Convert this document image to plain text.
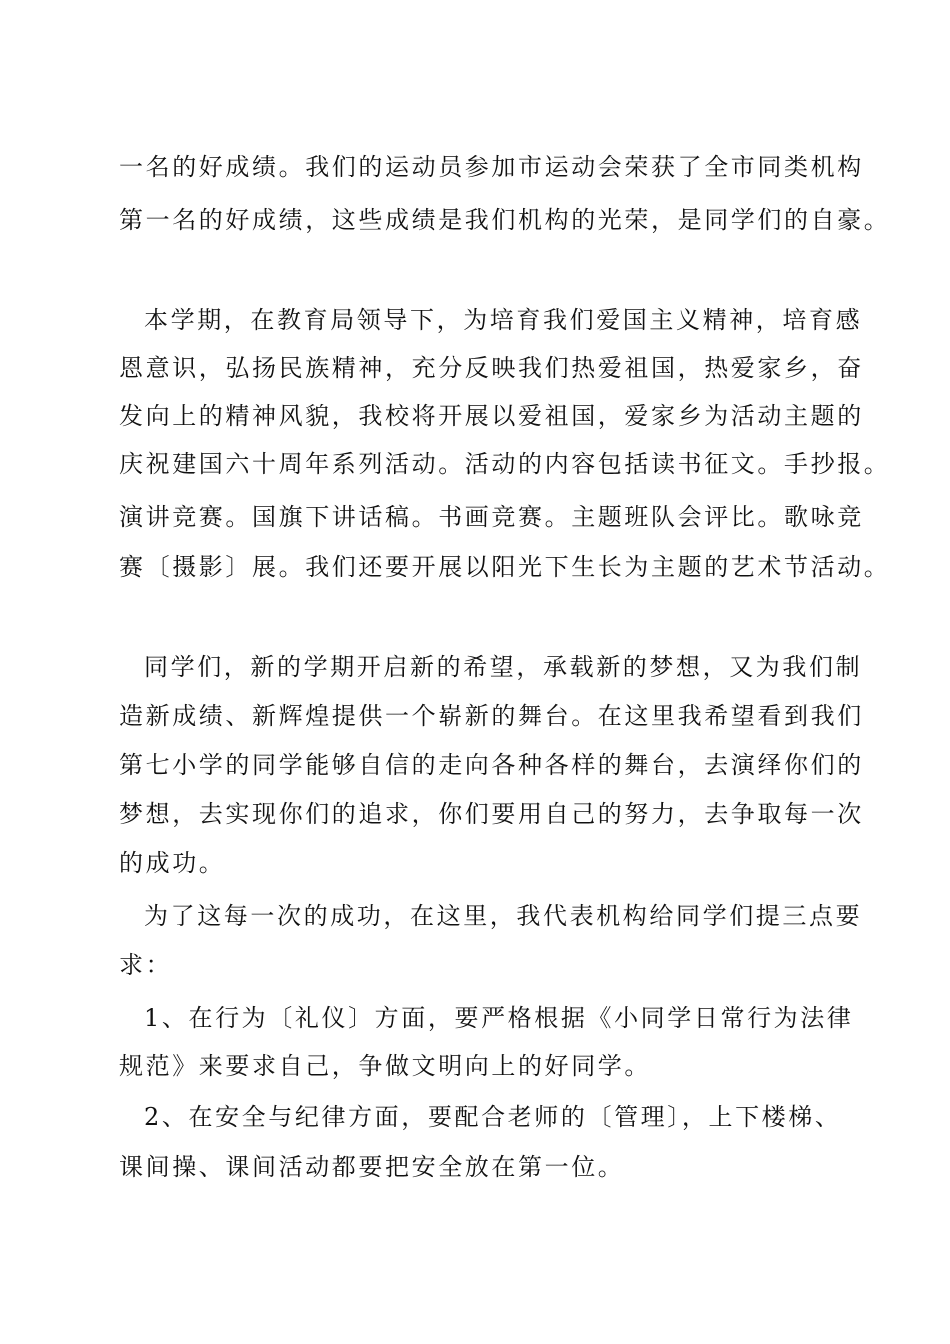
一名的好成绩。我们的运动员参加市运动会荣获了全市同类机构
第一名的好成绩，这些成绩是我们机构的光荣，是同学们的自豪。
本学期，在教育局领导下，为培育我们爱国主义精神，培育感
恩意识，弘扬民族精神，充分反映我们热爱祖国，热爱家乡，奋
发向上的精神风貌，我校将开展以爱祖国，爱家乡为活动主题的
庆祝建国六十周年系列活动。活动的内容包括读书征文。手抄报。
演讲竞赛。国旗下讲话稿。书画竞赛。主题班队会评比。歌咏竞
赛〔摄影〕展。我们还要开展以阳光下生长为主题的艺术节活动。
同学们，新的学期开启新的希望，承载新的梦想，又为我们制
造新成绩、新辉煌提供一个崭新的舞台。在这里我希望看到我们
第七小学的同学能够自信的走向各种各样的舞台，去演绎你们的
梦想，去实现你们的追求，你们要用自己的努力，去争取每一次
的成功。
为了这每一次的成功，在这里，我代表机构给同学们提三点要
求：
1、在行为〔礼仪〕方面，要严格根据《小同学日常行为法律
规范》来要求自己，争做文明向上的好同学。
2、在安全与纪律方面，要配合老师的〔管理〕，上下楼梯、
课间操、课间活动都要把安全放在第一位。
